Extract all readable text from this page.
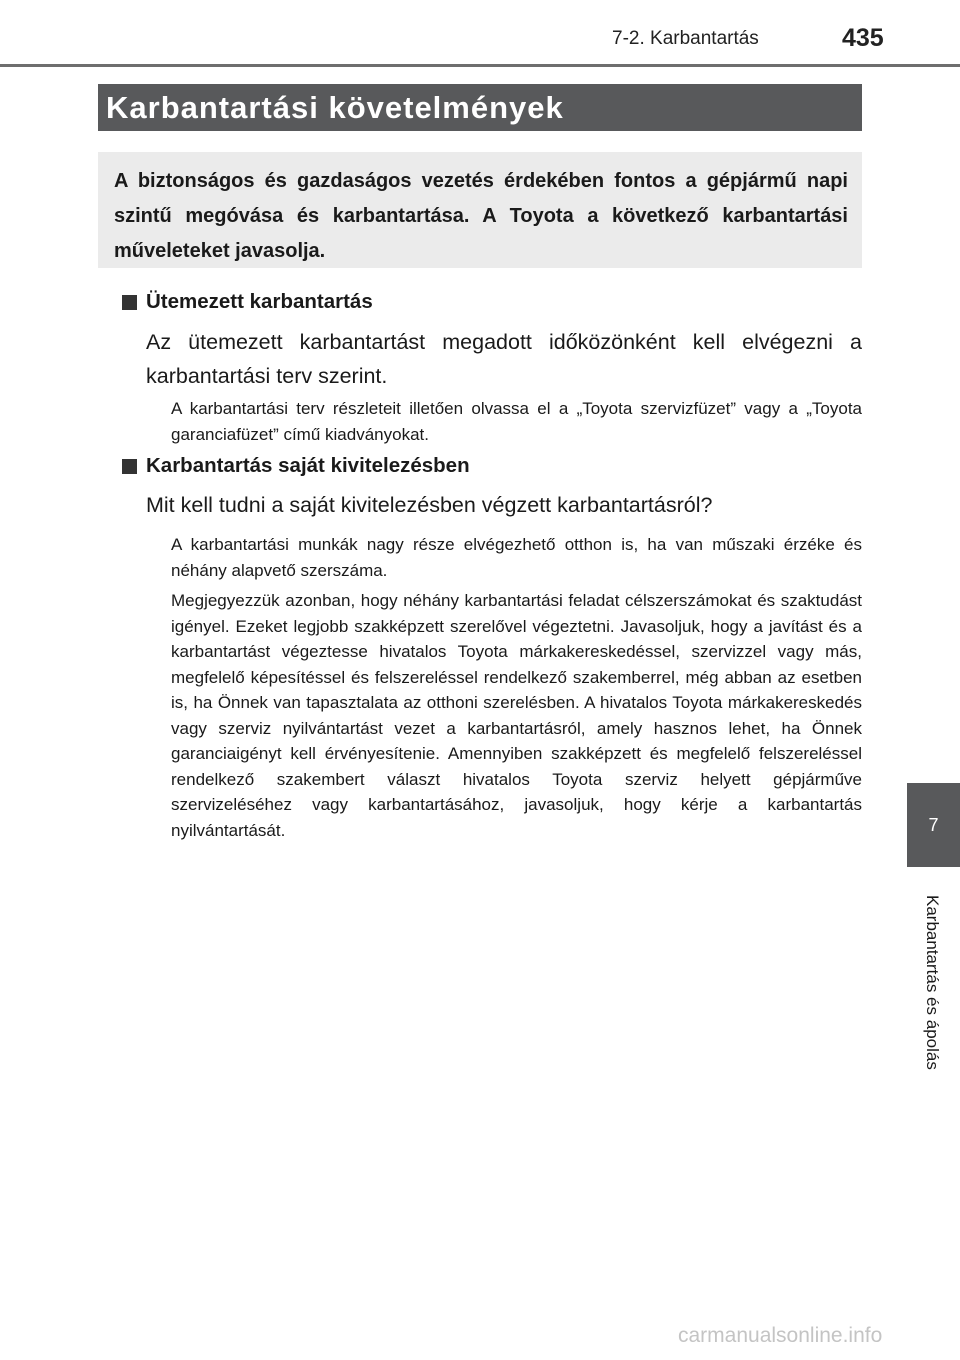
7-2. Karbantartás	435
Karbantartási követelmények

A biztonságos és gazdaságos vezetés érdekében fontos a gépjármű napi szintű megóvása és karbantartása. A Toyota a következő karbantartási műveleteket javasolja.

Ütemezett karbantartás

Az ütemezett karbantartást megadott időközönként kell elvégezni a karbantartási terv szerint.

A karbantartási terv részleteit illetően olvassa el a „Toyota szervizfüzet” vagy a „Toyota garanciafüzet” című kiadványokat.

Karbantartás saját kivitelezésben

Mit kell tudni a saját kivitelezésben végzett karbantartásról?

A karbantartási munkák nagy része elvégezhető otthon is, ha van műszaki érzéke és néhány alapvető szerszáma.

Megjegyezzük azonban, hogy néhány karbantartási feladat célszerszámokat és szaktudást igényel. Ezeket legjobb szakképzett szerelővel végeztetni. Javasoljuk, hogy a javítást és a karbantartást végeztesse hivatalos Toyota márkakereskedéssel, szervizzel vagy más, megfelelő képesítéssel és felszereléssel rendelkező szakemberrel, még abban az esetben is, ha Önnek van tapasztalata az otthoni szerelésben. A hivatalos Toyota márkakereskedés vagy szerviz nyilvántartást vezet a karbantartásról, amely hasznos lehet, ha Önnek garanciaigényt kell érvényesítenie. Amennyiben szakképzett és megfelelő felszereléssel rendelkező szakembert választ hivatalos Toyota szerviz helyett gépjárműve szervizeléséhez vagy karbantartásához, javasoljuk, hogy kérje a karbantartás nyilvántartását.	7
Karbantartás és ápolás
carmanualsonline.info
